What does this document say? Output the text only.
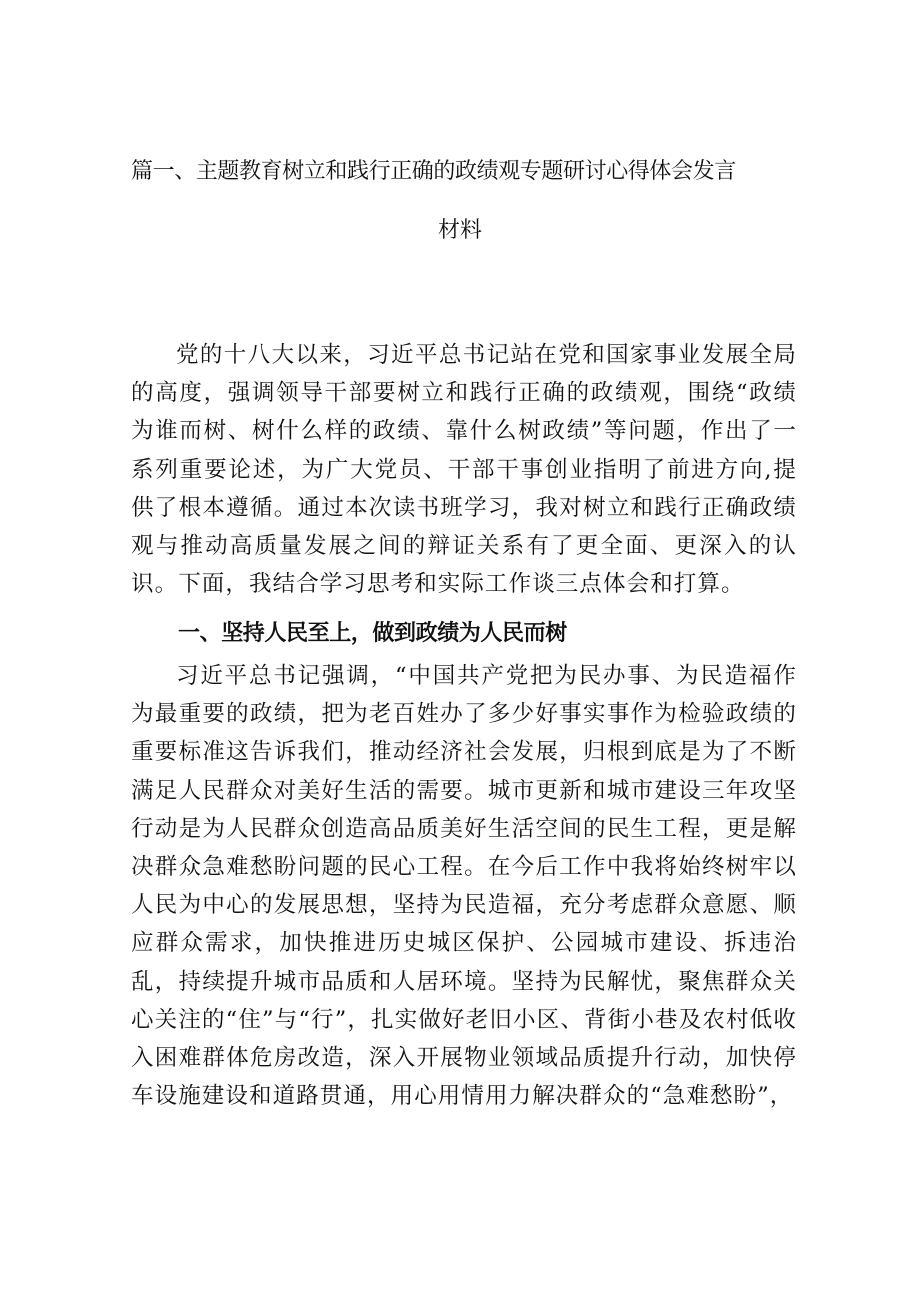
篇一、主题教育树立和践行正确的政绩观专题研讨心得体会发言
材料

党的十八大以来，习近平总书记站在党和国家事业发展全局的高度，强调领导干部要树立和践行正确的政绩观，围绕“政绩为谁而树、树什么样的政绩、靠什么树政绩”等问题，作出了一系列重要论述，为广大党员、干部干事创业指明了前进方向,提供了根本遵循。通过本次读书班学习，我对树立和践行正确政绩观与推动高质量发展之间的辩证关系有了更全面、更深入的认识。下面，我结合学习思考和实际工作谈三点体会和打算。

一、坚持人民至上，做到政绩为人民而树

习近平总书记强调，“中国共产党把为民办事、为民造福作为最重要的政绩，把为老百姓办了多少好事实事作为检验政绩的重要标准这告诉我们，推动经济社会发展，归根到底是为了不断满足人民群众对美好生活的需要。城市更新和城市建设三年攻坚行动是为人民群众创造高品质美好生活空间的民生工程，更是解决群众急难愁盼问题的民心工程。在今后工作中我将始终树牢以人民为中心的发展思想，坚持为民造福，充分考虑群众意愿、顺应群众需求，加快推进历史城区保护、公园城市建设、拆违治乱，持续提升城市品质和人居环境。坚持为民解忧，聚焦群众关心关注的“住”与“行”，扎实做好老旧小区、背街小巷及农村低收入困难群体危房改造，深入开展物业领域品质提升行动，加快停车设施建设和道路贯通，用心用情用力解决群众的“急难愁盼”，
